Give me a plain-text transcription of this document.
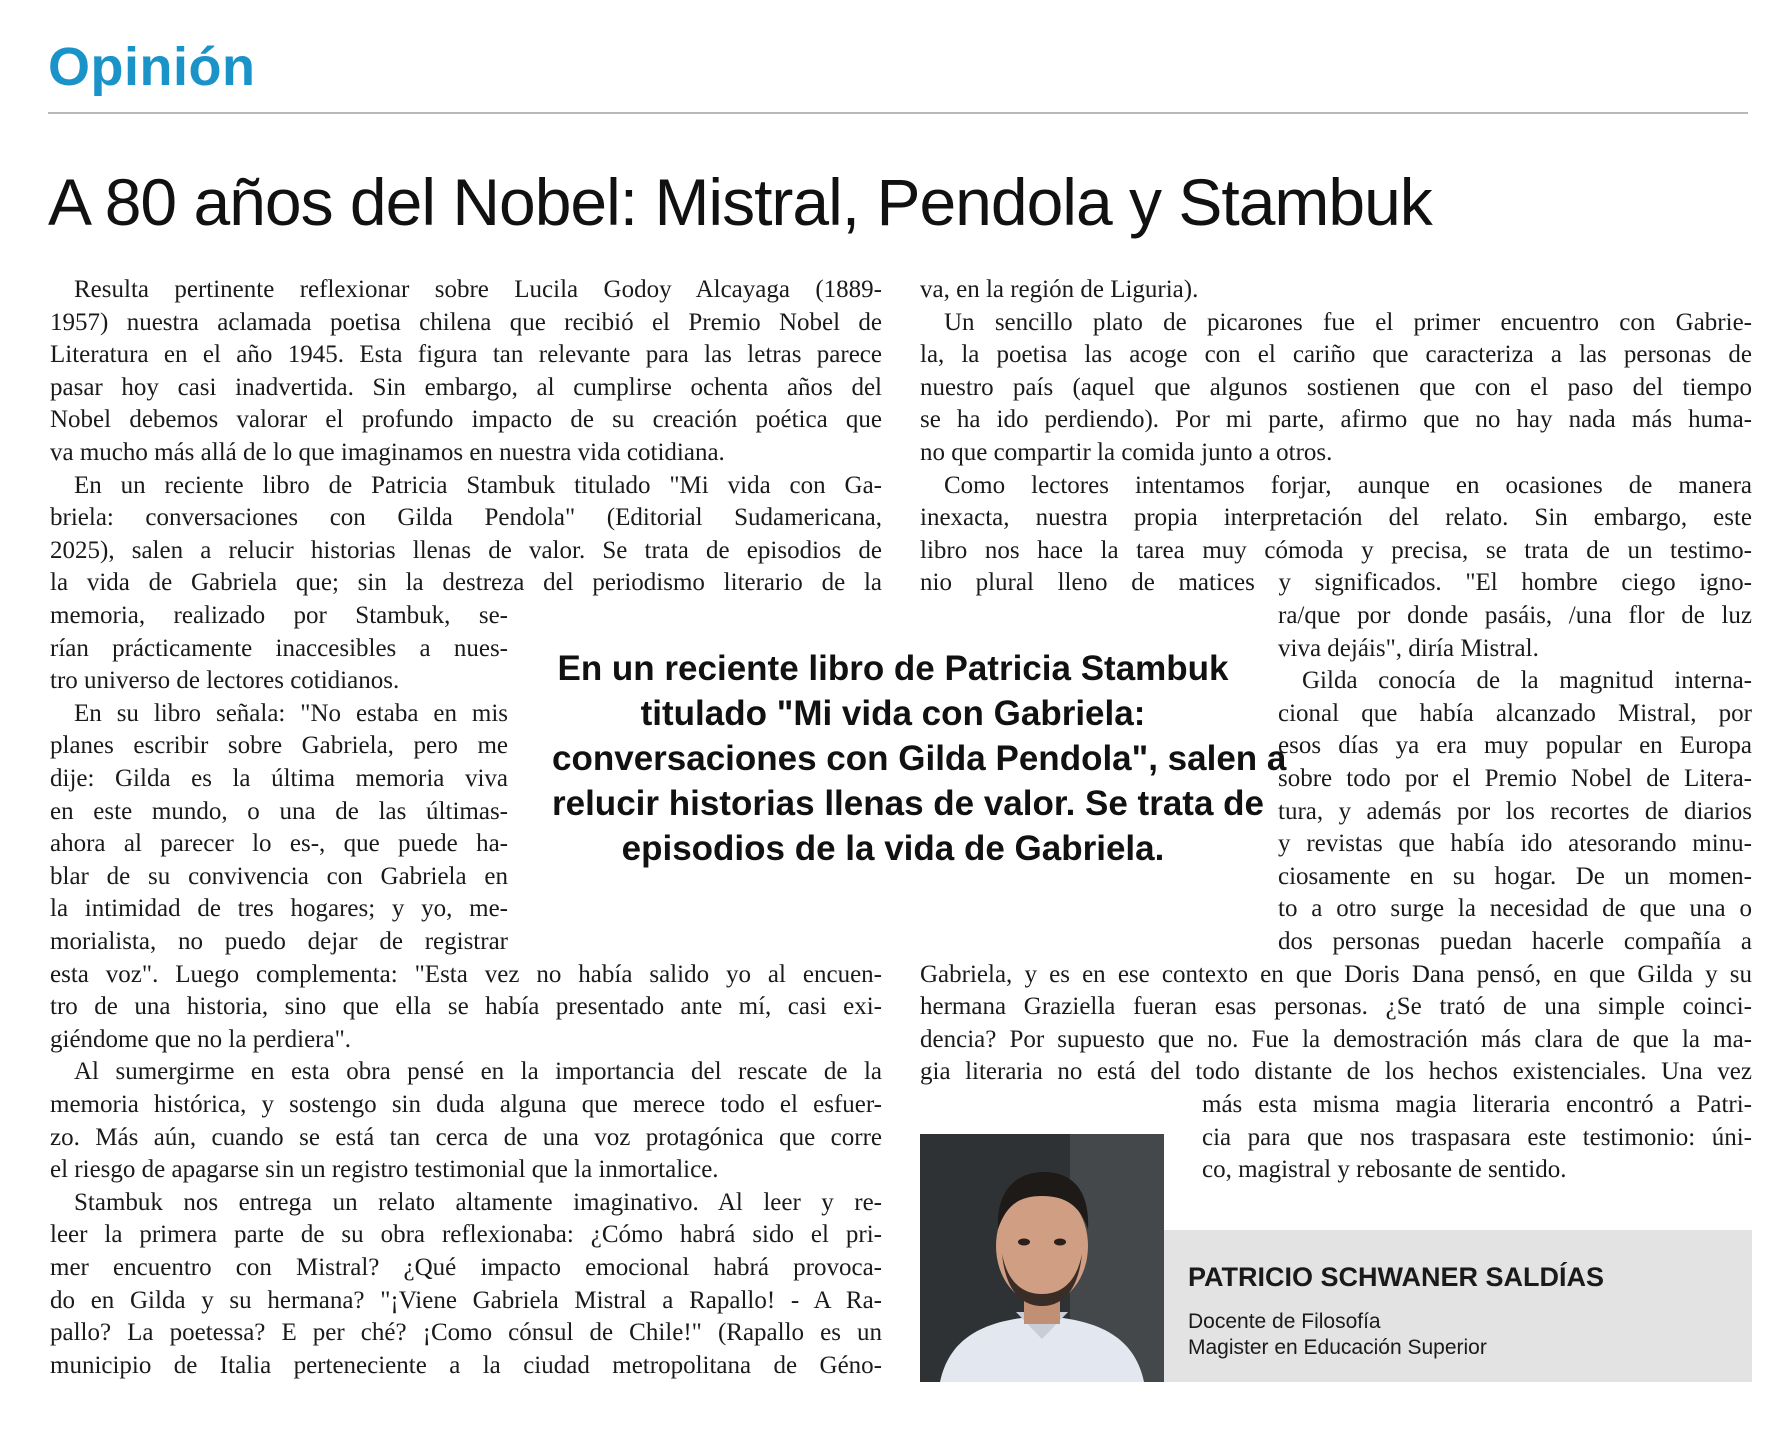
Opinión
A 80 años del Nobel: Mistral, Pendola y Stambuk
Resulta pertinente reflexionar sobre Lucila Godoy Alcayaga (1889-
1957) nuestra aclamada poetisa chilena que recibió el Premio Nobel de
Literatura en el año 1945. Esta figura tan relevante para las letras parece
pasar hoy casi inadvertida. Sin embargo, al cumplirse ochenta años del
Nobel debemos valorar el profundo impacto de su creación poética que
va mucho más allá de lo que imaginamos en nuestra vida cotidiana.
En un reciente libro de Patricia Stambuk titulado "Mi vida con Ga-
briela: conversaciones con Gilda Pendola" (Editorial Sudamericana,
2025), salen a relucir historias llenas de valor. Se trata de episodios de
la vida de Gabriela que; sin la destreza del periodismo literario de la
memoria, realizado por Stambuk, se-
rían prácticamente inaccesibles a nues-
tro universo de lectores cotidianos.
En su libro señala: "No estaba en mis
planes escribir sobre Gabriela, pero me
dije: Gilda es la última memoria viva
en este mundo, o una de las últimas-
ahora al parecer lo es-, que puede ha-
blar de su convivencia con Gabriela en
la intimidad de tres hogares; y yo, me-
morialista, no puedo dejar de registrar
esta voz". Luego complementa: "Esta vez no había salido yo al encuen-
tro de una historia, sino que ella se había presentado ante mí, casi exi-
giéndome que no la perdiera".
Al sumergirme en esta obra pensé en la importancia del rescate de la
memoria histórica, y sostengo sin duda alguna que merece todo el esfuer-
zo. Más aún, cuando se está tan cerca de una voz protagónica que corre
el riesgo de apagarse sin un registro testimonial que la inmortalice.
Stambuk nos entrega un relato altamente imaginativo. Al leer y re-
leer la primera parte de su obra reflexionaba: ¿Cómo habrá sido el pri-
mer encuentro con Mistral? ¿Qué impacto emocional habrá provoca-
do en Gilda y su hermana? "¡Viene Gabriela Mistral a Rapallo! - A Ra-
pallo? La poetessa? E per ché? ¡Como cónsul de Chile!" (Rapallo es un
municipio de Italia perteneciente a la ciudad metropolitana de Géno-
va, en la región de Liguria).
Un sencillo plato de picarones fue el primer encuentro con Gabrie-
la, la poetisa las acoge con el cariño que caracteriza a las personas de
nuestro país (aquel que algunos sostienen que con el paso del tiempo
se ha ido perdiendo). Por mi parte, afirmo que no hay nada más huma-
no que compartir la comida junto a otros.
Como lectores intentamos forjar, aunque en ocasiones de manera
inexacta, nuestra propia interpretación del relato. Sin embargo, este
libro nos hace la tarea muy cómoda y precisa, se trata de un testimo-
nio plural lleno de matices y significados. "El hombre ciego igno-
ra/que por donde pasáis, /una flor de luz
viva dejáis", diría Mistral.
Gilda conocía de la magnitud interna-
cional que había alcanzado Mistral, por
esos días ya era muy popular en Europa
sobre todo por el Premio Nobel de Litera-
tura, y además por los recortes de diarios
y revistas que había ido atesorando minu-
ciosamente en su hogar. De un momen-
to a otro surge la necesidad de que una o
dos personas puedan hacerle compañía a
Gabriela, y es en ese contexto en que Doris Dana pensó, en que Gilda y su
hermana Graziella fueran esas personas. ¿Se trató de una simple coinci-
dencia? Por supuesto que no. Fue la demostración más clara de que la ma-
gia literaria no está del todo distante de los hechos existenciales. Una vez
más esta misma magia literaria encontró a Patri-
cia para que nos traspasara este testimonio: úni-
co, magistral y rebosante de sentido.
En un reciente libro de Patricia Stambuk
titulado "Mi vida con Gabriela:
conversaciones con Gilda Pendola", salen a
relucir historias llenas de valor. Se trata de
episodios de la vida de Gabriela.
PATRICIO SCHWANER SALDÍAS
Docente de Filosofía
Magister en Educación Superior
